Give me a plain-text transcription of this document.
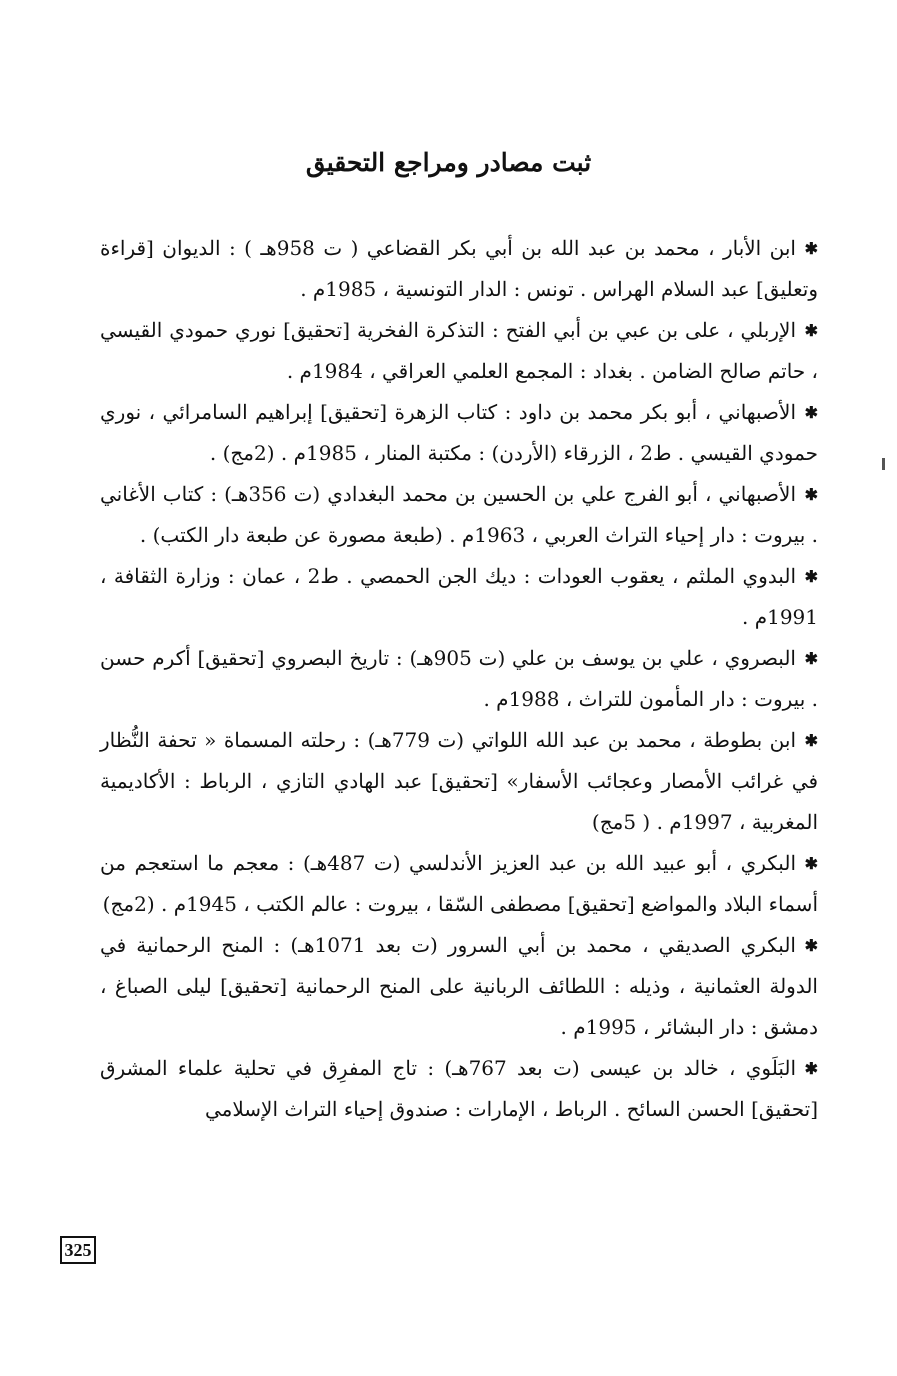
ثبت مصادر ومراجع التحقيق

✱ابن الأبار ، محمد بن عبد الله بن أبي بكر القضاعي ( ت 958هـ ) : الديوان [قراءة وتعليق] عبد السلام الهراس . تونس : الدار التونسية ، 1985م .

✱الإربلي ، على بن عبي بن أبي الفتح : التذكرة الفخرية [تحقيق] نوري حمودي القيسي ، حاتم صالح الضامن . بغداد : المجمع العلمي العراقي ، 1984م .

✱الأصبهاني ، أبو بكر محمد بن داود : كتاب الزهرة [تحقيق] إبراهيم السامرائي ، نوري حمودي القيسي . ط2 ، الزرقاء (الأردن) : مكتبة المنار ، 1985م . (2مج) .

✱الأصبهاني ، أبو الفرج علي بن الحسين بن محمد البغدادي (ت 356هـ) : كتاب الأغاني . بيروت : دار إحياء التراث العربي ، 1963م . (طبعة مصورة عن طبعة دار الكتب) .

✱البدوي الملثم ، يعقوب العودات : ديك الجن الحمصي . ط2 ، عمان : وزارة الثقافة ، 1991م .

✱البصروي ، علي بن يوسف بن علي (ت 905هـ) : تاريخ البصروي [تحقيق] أكرم حسن . بيروت : دار المأمون للتراث ، 1988م .

✱ابن بطوطة ، محمد بن عبد الله اللواتي (ت 779هـ) : رحلته المسماة « تحفة النُّظار في غرائب الأمصار وعجائب الأسفار» [تحقيق] عبد الهادي التازي ، الرباط : الأكاديمية المغربية ، 1997م . ( 5مج)

✱البكري ، أبو عبيد الله بن عبد العزيز الأندلسي (ت 487هـ) : معجم ما استعجم من أسماء البلاد والمواضع [تحقيق] مصطفى السّقا ، بيروت : عالم الكتب ، 1945م . (2مج)

✱البكري الصديقي ، محمد بن أبي السرور (ت بعد 1071هـ) : المنح الرحمانية في الدولة العثمانية ، وذيله : اللطائف الربانية على المنح الرحمانية [تحقيق] ليلى الصباغ ، دمشق : دار البشائر ، 1995م .

✱البَلَوي ، خالد بن عيسى (ت بعد 767هـ) : تاج المفرِق في تحلية علماء المشرق [تحقيق] الحسن السائح . الرباط ، الإمارات : صندوق إحياء التراث الإسلامي

325
